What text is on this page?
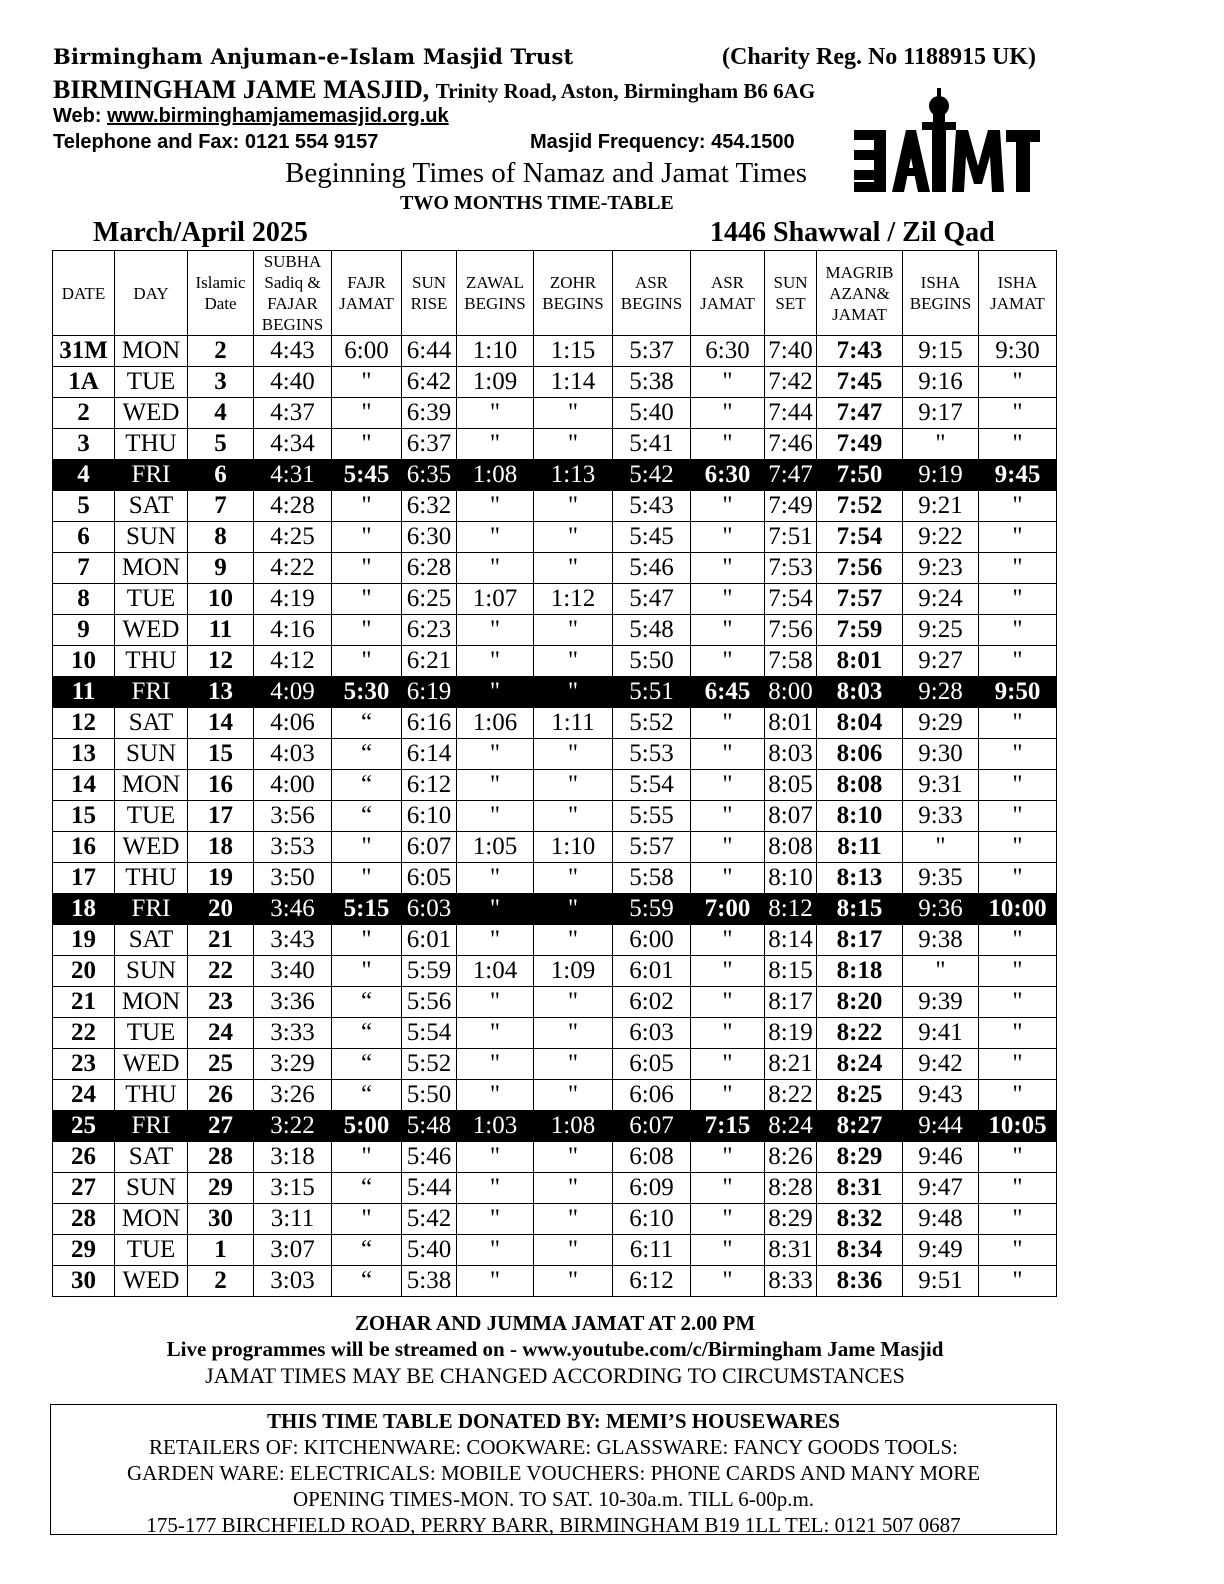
Birmingham Anjuman-e-Islam Masjid Trust	(Charity Reg. No 1188915 UK)
BIRMINGHAM JAME MASJID, Trinity Road, Aston, Birmingham B6 6AG
Web: www.birminghamjamemasjid.org.uk
Telephone and Fax: 0121 554 9157	Masjid Frequency: 454.1500
Beginning Times of Namaz and Jamat Times
TWO MONTHS TIME-TABLE
March/April 2025	1446 Shawwal / Zil Qad
DATE	DAY	Islamic Date	SUBHA Sadiq & FAJAR BEGINS	FAJR JAMAT	SUN RISE	ZAWAL BEGINS	ZOHR BEGINS	ASR BEGINS	ASR JAMAT	SUN SET	MAGRIB AZAN& JAMAT	ISHA BEGINS	ISHA JAMAT
31M	MON	2	4:43	6:00	6:44	1:10	1:15	5:37	6:30	7:40	7:43	9:15	9:30
1A	TUE	3	4:40	"	6:42	1:09	1:14	5:38	"	7:42	7:45	9:16	"
2	WED	4	4:37	"	6:39	"	"	5:40	"	7:44	7:47	9:17	"
3	THU	5	4:34	"	6:37	"	"	5:41	"	7:46	7:49	"	"
4	FRI	6	4:31	5:45	6:35	1:08	1:13	5:42	6:30	7:47	7:50	9:19	9:45
5	SAT	7	4:28	"	6:32	"	"	5:43	"	7:49	7:52	9:21	"
6	SUN	8	4:25	"	6:30	"	"	5:45	"	7:51	7:54	9:22	"
7	MON	9	4:22	"	6:28	"	"	5:46	"	7:53	7:56	9:23	"
8	TUE	10	4:19	"	6:25	1:07	1:12	5:47	"	7:54	7:57	9:24	"
9	WED	11	4:16	"	6:23	"	"	5:48	"	7:56	7:59	9:25	"
10	THU	12	4:12	"	6:21	"	"	5:50	"	7:58	8:01	9:27	"
11	FRI	13	4:09	5:30	6:19	"	"	5:51	6:45	8:00	8:03	9:28	9:50
12	SAT	14	4:06	“	6:16	1:06	1:11	5:52	"	8:01	8:04	9:29	"
13	SUN	15	4:03	“	6:14	"	"	5:53	"	8:03	8:06	9:30	"
14	MON	16	4:00	“	6:12	"	"	5:54	"	8:05	8:08	9:31	"
15	TUE	17	3:56	“	6:10	"	"	5:55	"	8:07	8:10	9:33	"
16	WED	18	3:53	"	6:07	1:05	1:10	5:57	"	8:08	8:11	"	"
17	THU	19	3:50	"	6:05	"	"	5:58	"	8:10	8:13	9:35	"
18	FRI	20	3:46	5:15	6:03	"	"	5:59	7:00	8:12	8:15	9:36	10:00
19	SAT	21	3:43	"	6:01	"	"	6:00	"	8:14	8:17	9:38	"
20	SUN	22	3:40	"	5:59	1:04	1:09	6:01	"	8:15	8:18	"	"
21	MON	23	3:36	“	5:56	"	"	6:02	"	8:17	8:20	9:39	"
22	TUE	24	3:33	“	5:54	"	"	6:03	"	8:19	8:22	9:41	"
23	WED	25	3:29	“	5:52	"	"	6:05	"	8:21	8:24	9:42	"
24	THU	26	3:26	“	5:50	"	"	6:06	"	8:22	8:25	9:43	"
25	FRI	27	3:22	5:00	5:48	1:03	1:08	6:07	7:15	8:24	8:27	9:44	10:05
26	SAT	28	3:18	"	5:46	"	"	6:08	"	8:26	8:29	9:46	"
27	SUN	29	3:15	“	5:44	"	"	6:09	"	8:28	8:31	9:47	"
28	MON	30	3:11	"	5:42	"	"	6:10	"	8:29	8:32	9:48	"
29	TUE	1	3:07	“	5:40	"	"	6:11	"	8:31	8:34	9:49	"
30	WED	2	3:03	“	5:38	"	"	6:12	"	8:33	8:36	9:51	"
ZOHAR AND JUMMA JAMAT AT 2.00 PM
Live programmes will be streamed on - www.youtube.com/c/Birmingham Jame Masjid
JAMAT TIMES MAY BE CHANGED ACCORDING TO CIRCUMSTANCES
THIS TIME TABLE DONATED BY: MEMI’S HOUSEWARES
RETAILERS OF: KITCHENWARE: COOKWARE: GLASSWARE: FANCY GOODS TOOLS:
GARDEN WARE: ELECTRICALS: MOBILE VOUCHERS: PHONE CARDS AND MANY MORE
OPENING TIMES-MON. TO SAT. 10-30a.m. TILL 6-00p.m.
175-177 BIRCHFIELD ROAD, PERRY BARR, BIRMINGHAM B19 1LL TEL: 0121 507 0687
